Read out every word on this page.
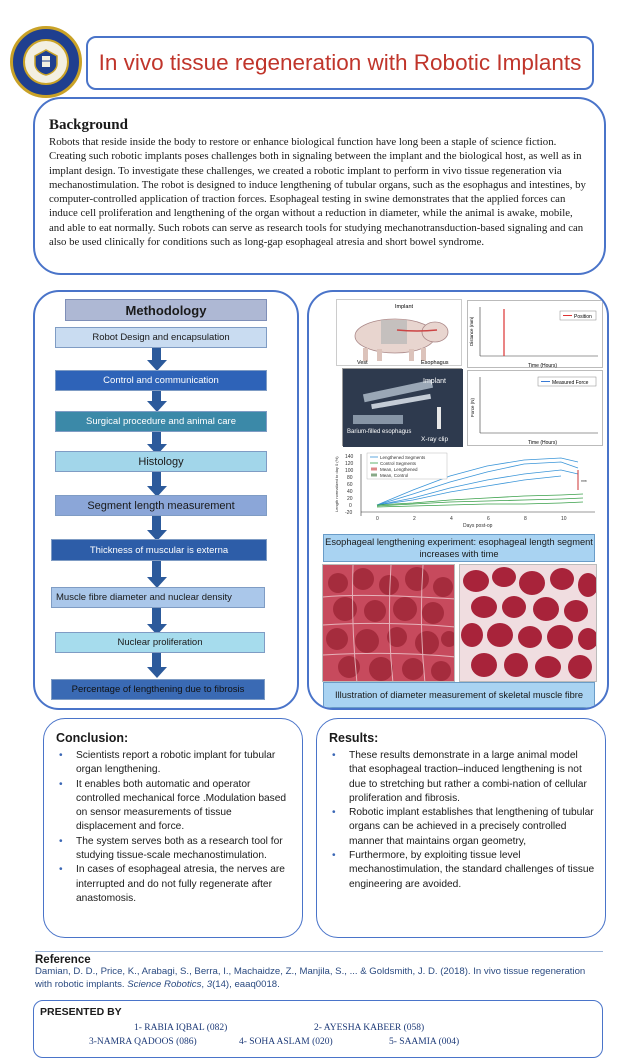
In vivo tissue regeneration with Robotic Implants
Background
Robots that reside inside the body to restore or enhance biological function have long been a staple of science fiction. Creating such robotic implants poses challenges both in signaling between the implant and the biological host, as well as in implant design. To investigate these challenges, we created a robotic implant to perform in vivo tissue regeneration via mechanostimulation. The robot is designed to induce lengthening of tubular organs, such as the esophagus and intestines, by computer-controlled application of traction forces. Esophageal testing in swine demonstrates that the applied forces can induce cell proliferation and lengthening of the organ without a reduction in diameter, while the animal is awake, mobile, and able to eat normally. Such robots can serve as research tools for studying mechanotransduction-based signaling and can also be used clinically for conditions such as long-gap esophageal atresia and short bowel syndrome.
Methodology
Robot Design and encapsulation
Control and communication
Surgical procedure and animal care
Histology
Segment length measurement
Thickness of muscular is externa
Muscle fibre diameter and nuclear density
Nuclear proliferation
Percentage of lengthening due to fibrosis
Implant
Vest	Esophagus
Implant
Barium-filled esophagus
X-ray clip
Position
Time (Hours)
Distance (mm)
Measured Force
Time (Hours)
Force (N)
140
120
100
80
60
40
20
0
-20
0	2	4	6	8	10
***
Lengthened Segments
Control Segments
Mean, Lengthened
Mean, Control
Days post-op
Length normalized to day 0 (%)
Esophageal lengthening experiment: esophageal length segment increases with time
Illustration of diameter measurement of skeletal muscle fibre
Conclusion:
• Scientists report a robotic implant for tubular organ lengthening.
• It enables both automatic and operator controlled mechanical force .Modulation based on sensor measurements of tissue displacement and force.
• The system serves both as a research tool for studying tissue-scale mechanostimulation.
• In cases of esophageal atresia, the nerves are interrupted and do not fully regenerate after anastomosis.
Results:
• These results demonstrate in a large animal model that esophageal traction–induced lengthening is not due to stretching but rather a combi-nation of cellular proliferation and fibrosis.
• Robotic implant establishes that lengthening of tubular organs can be achieved in a precisely controlled manner that maintains organ geometry,
• Furthermore, by exploiting tissue level mechanostimulation, the standard challenges of tissue engineering are avoided.
Reference
Damian, D. D., Price, K., Arabagi, S., Berra, I., Machaidze, Z., Manjila, S., ... & Goldsmith, J. D. (2018). In vivo tissue regeneration with robotic implants. Science Robotics, 3(14), eaaq0018.
PRESENTED BY
1- RABIA IQBAL (082)	2- AYESHA KABEER (058)
3-NAMRA QADOOS (086)	4- SOHA ASLAM (020)	5- SAAMIA (004)
